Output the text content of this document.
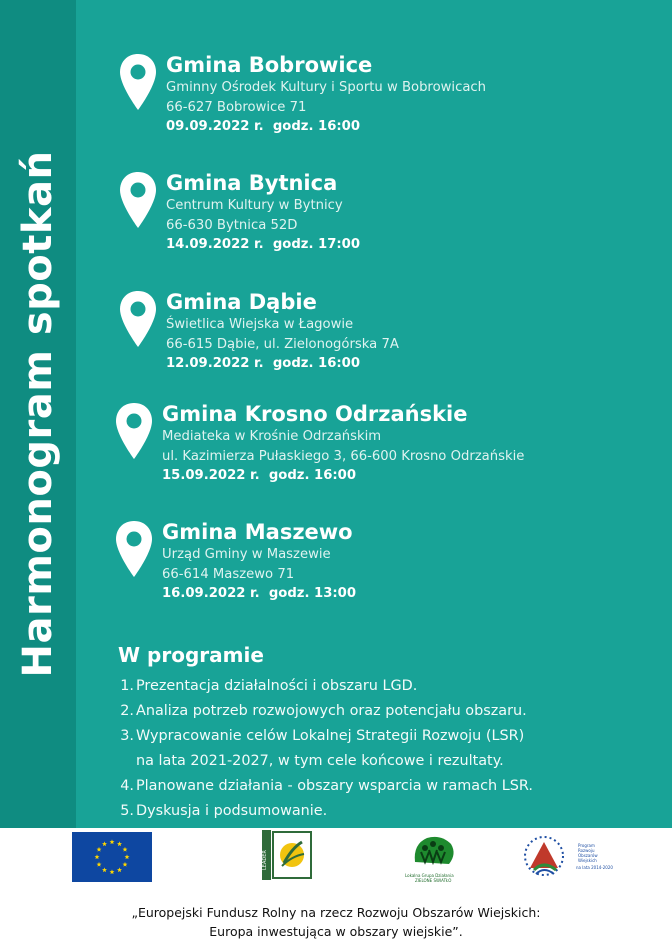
Harmonogram spotkań
Gmina Bobrowice
Gminny Ośrodek Kultury i Sportu w Bobrowicach
66-627 Bobrowice 71
09.09.2022 r. godz. 16:00
Gmina Bytnica
Centrum Kultury w Bytnicy
66-630 Bytnica 52D
14.09.2022 r. godz. 17:00
Gmina Dąbie
Świetlica Wiejska w Łagowie
66-615 Dąbie, ul. Zielonogórska 7A
12.09.2022 r. godz. 16:00
Gmina Krosno Odrzańskie
Mediateka w Krośnie Odrzańskim
ul. Kazimierza Pułaskiego 3, 66-600 Krosno Odrzańskie
15.09.2022 r. godz. 16:00
Gmina Maszewo
Urząd Gminy w Maszewie
66-614 Maszewo 71
16.09.2022 r. godz. 13:00
W programie
1. Prezentacja działalności i obszaru LGD.
2. Analiza potrzeb rozwojowych oraz potencjału obszaru.
3. Wypracowanie celów Lokalnej Strategii Rozwoju (LSR)
na lata 2021-2027, w tym cele końcowe i rezultaty.
4. Planowane działania - obszary wsparcia w ramach LSR.
5. Dyskusja i podsumowanie.
LEADER
Lokalna Grupa Działania
ZIELONE ŚWIATŁO
Program
Rozwoju
Obszarów
Wiejskich
na lata 2014-2020
„Europejski Fundusz Rolny na rzecz Rozwoju Obszarów Wiejskich:
Europa inwestująca w obszary wiejskie”.
